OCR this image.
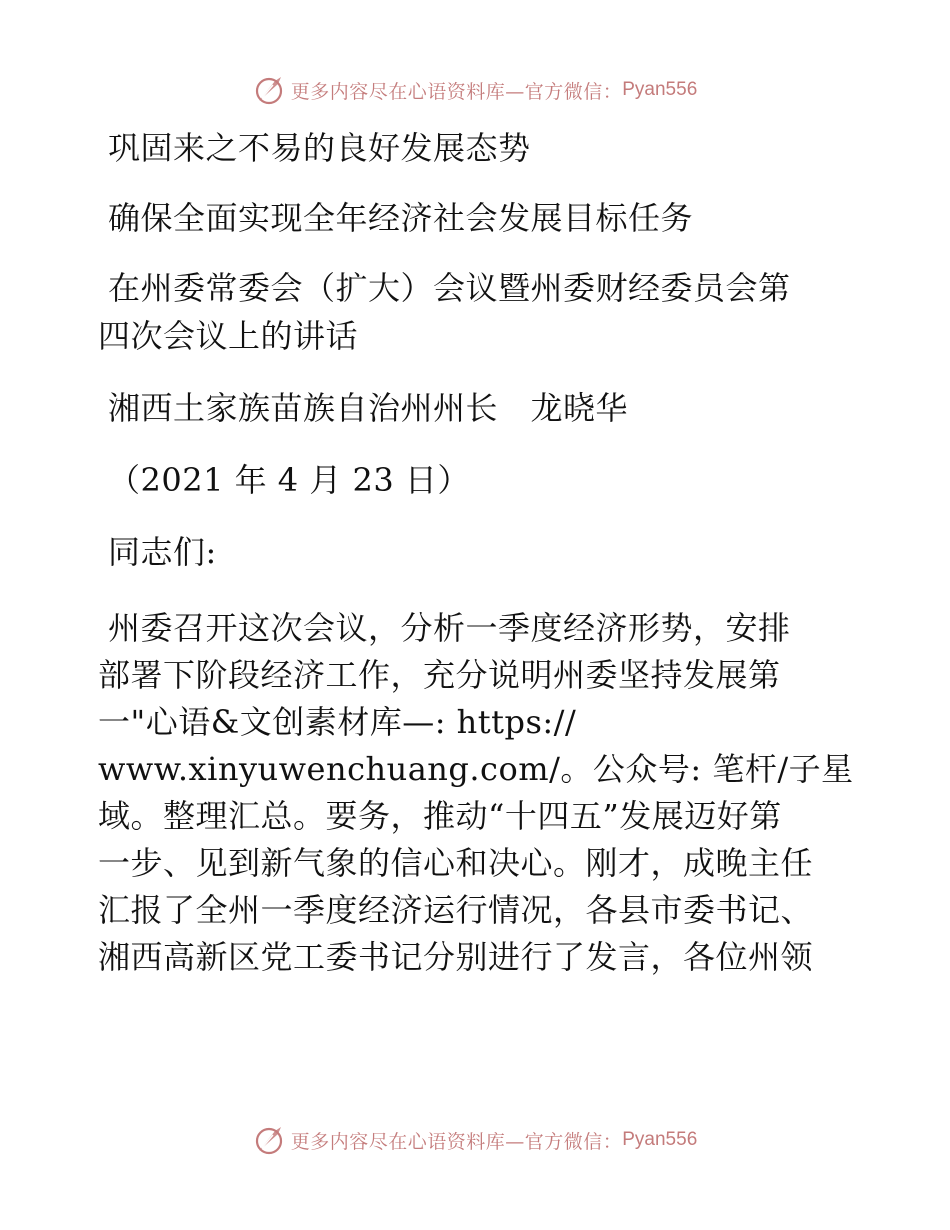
更多内容尽在心语资料库—官方微信： Pyan556

巩固来之不易的良好发展态势

确保全面实现全年经济社会发展目标任务

在州委常委会（扩大）会议暨州委财经委员会第

四次会议上的讲话

湘西土家族苗族自治州州长　龙晓华

（2021 年 4 月 23 日）

同志们:

州委召开这次会议，分析一季度经济形势，安排

部署下阶段经济工作，充分说明州委坚持发展第

一"心语&文创素材库—: https://

www.xinyuwenchuang.com/。公众号: 笔杆/子星

域。整理汇总。要务，推动“十四五”发展迈好第

一步、见到新气象的信心和决心。刚才，成晚主任

汇报了全州一季度经济运行情况，各县市委书记、

湘西高新区党工委书记分别进行了发言，各位州领

更多内容尽在心语资料库—官方微信： Pyan556
